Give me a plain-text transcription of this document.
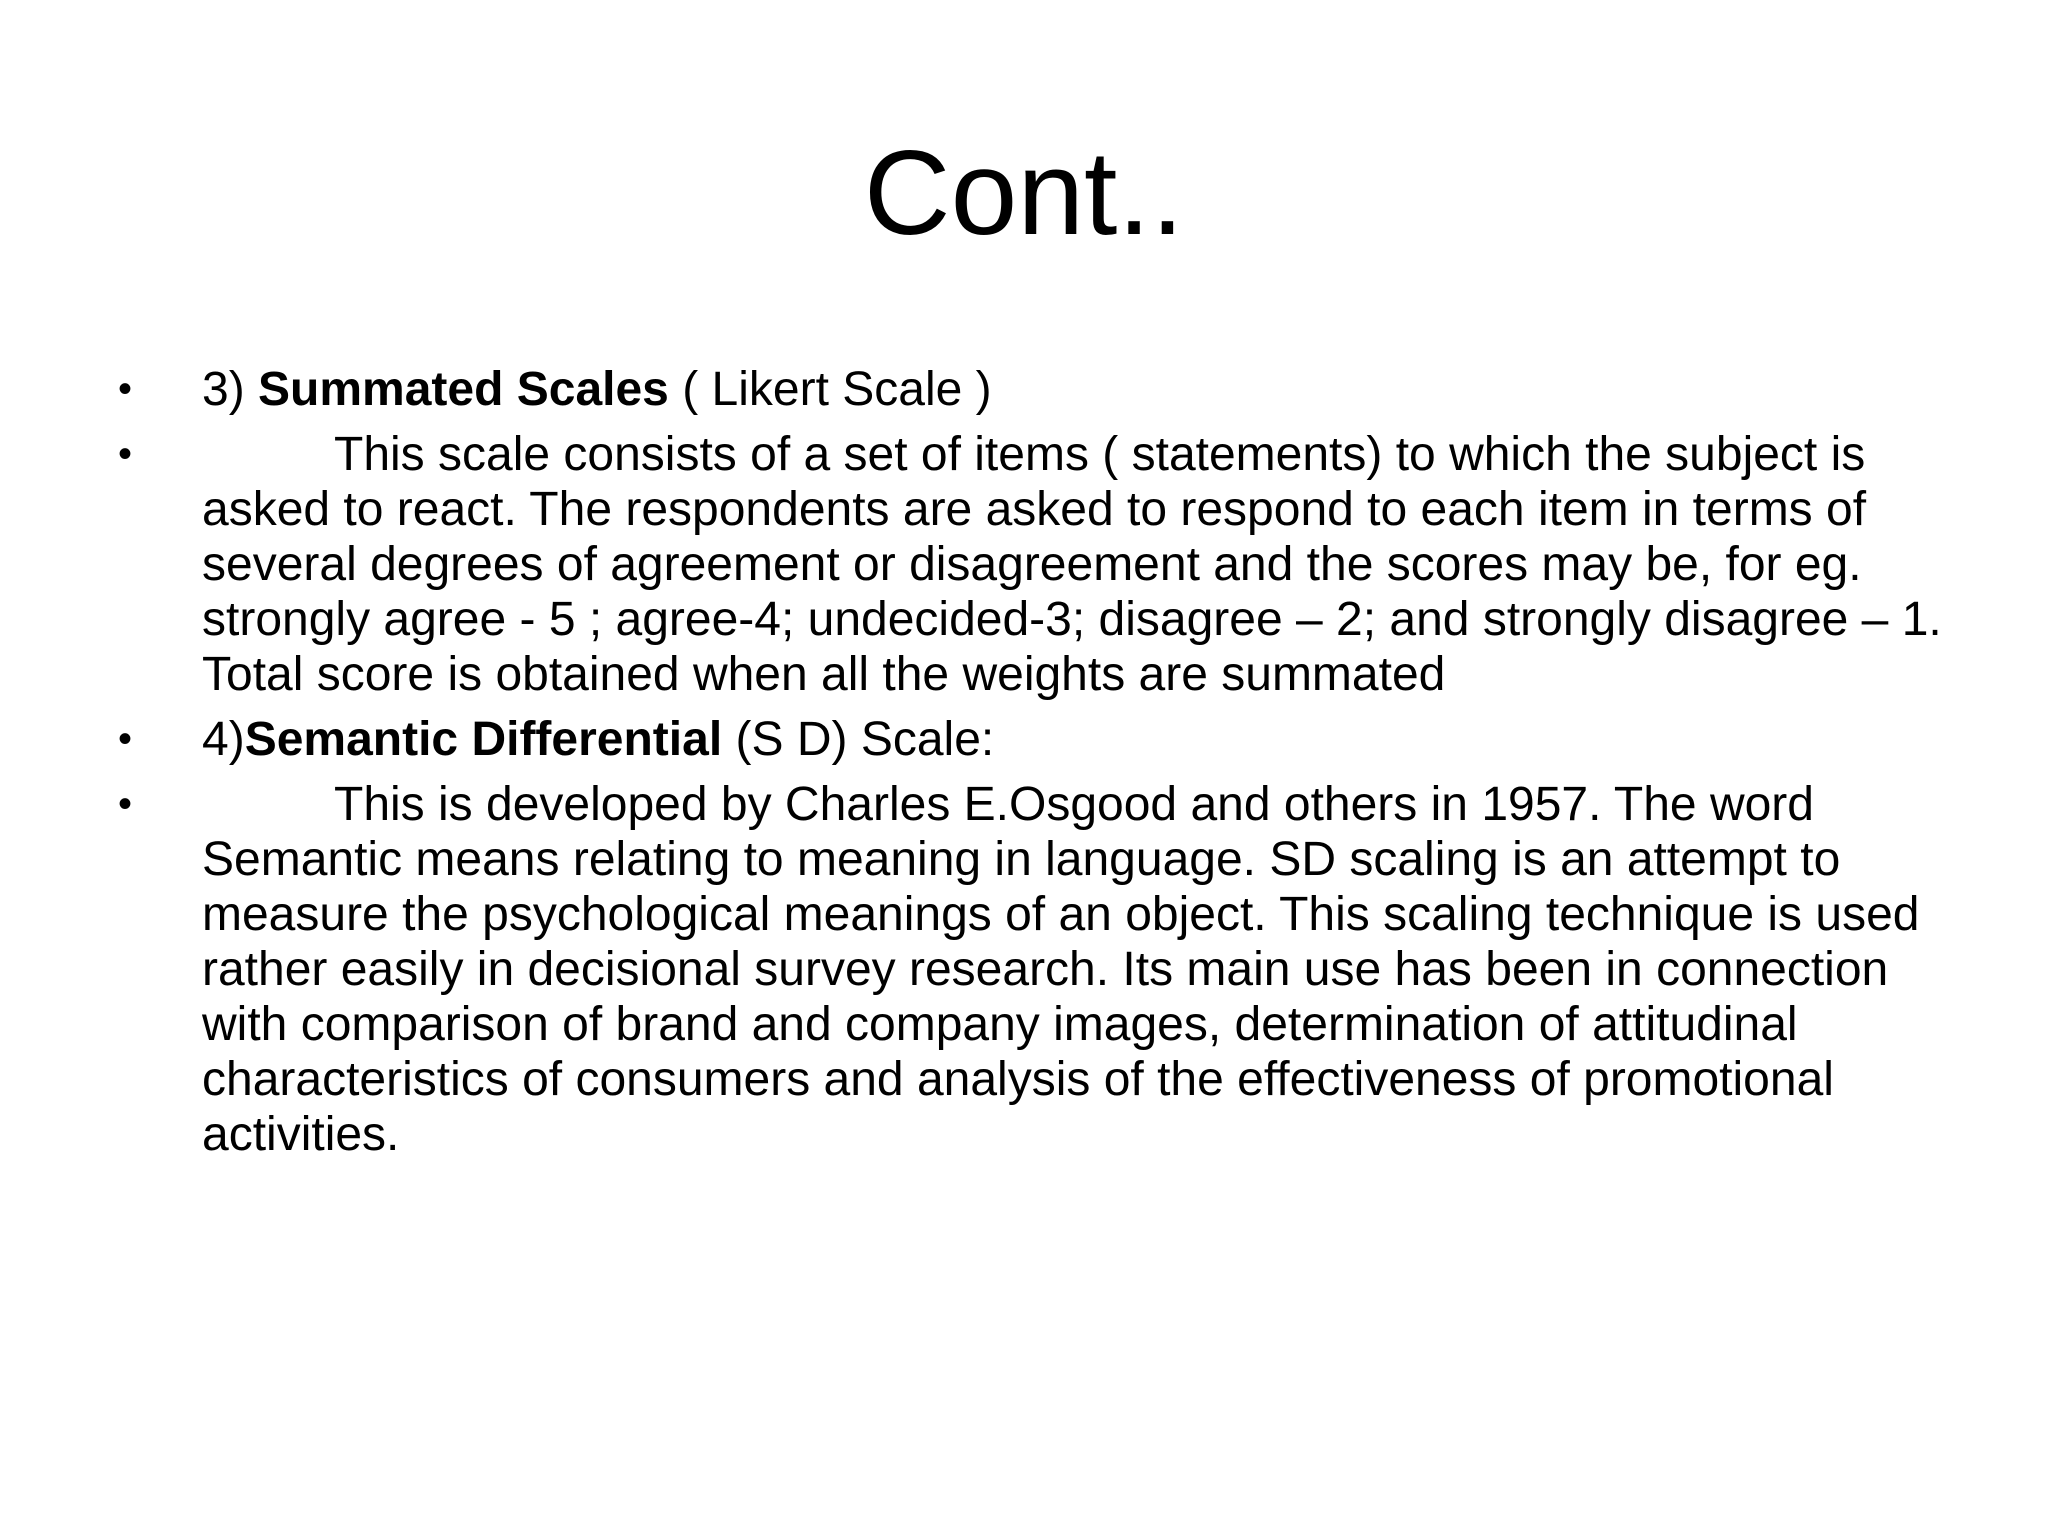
Cont..
•	3) Summated Scales ( Likert Scale )
•	This scale consists of a set of items ( statements) to which the subject is asked to react. The respondents are asked to respond to each item in terms of several degrees of agreement or disagreement and the scores may be, for eg. strongly agree - 5 ; agree-4; undecided-3; disagree – 2; and strongly disagree – 1. Total score is obtained when all the weights are summated
•	4)Semantic Differential (S D) Scale:
•	This is developed by Charles E.Osgood and others in 1957. The word Semantic means relating to meaning in language. SD scaling is an attempt to measure the psychological meanings of an object. This scaling technique is used rather easily in decisional survey research. Its main use has been in connection with comparison of brand and company images, determination of attitudinal characteristics of consumers and analysis of the effectiveness of promotional activities.
